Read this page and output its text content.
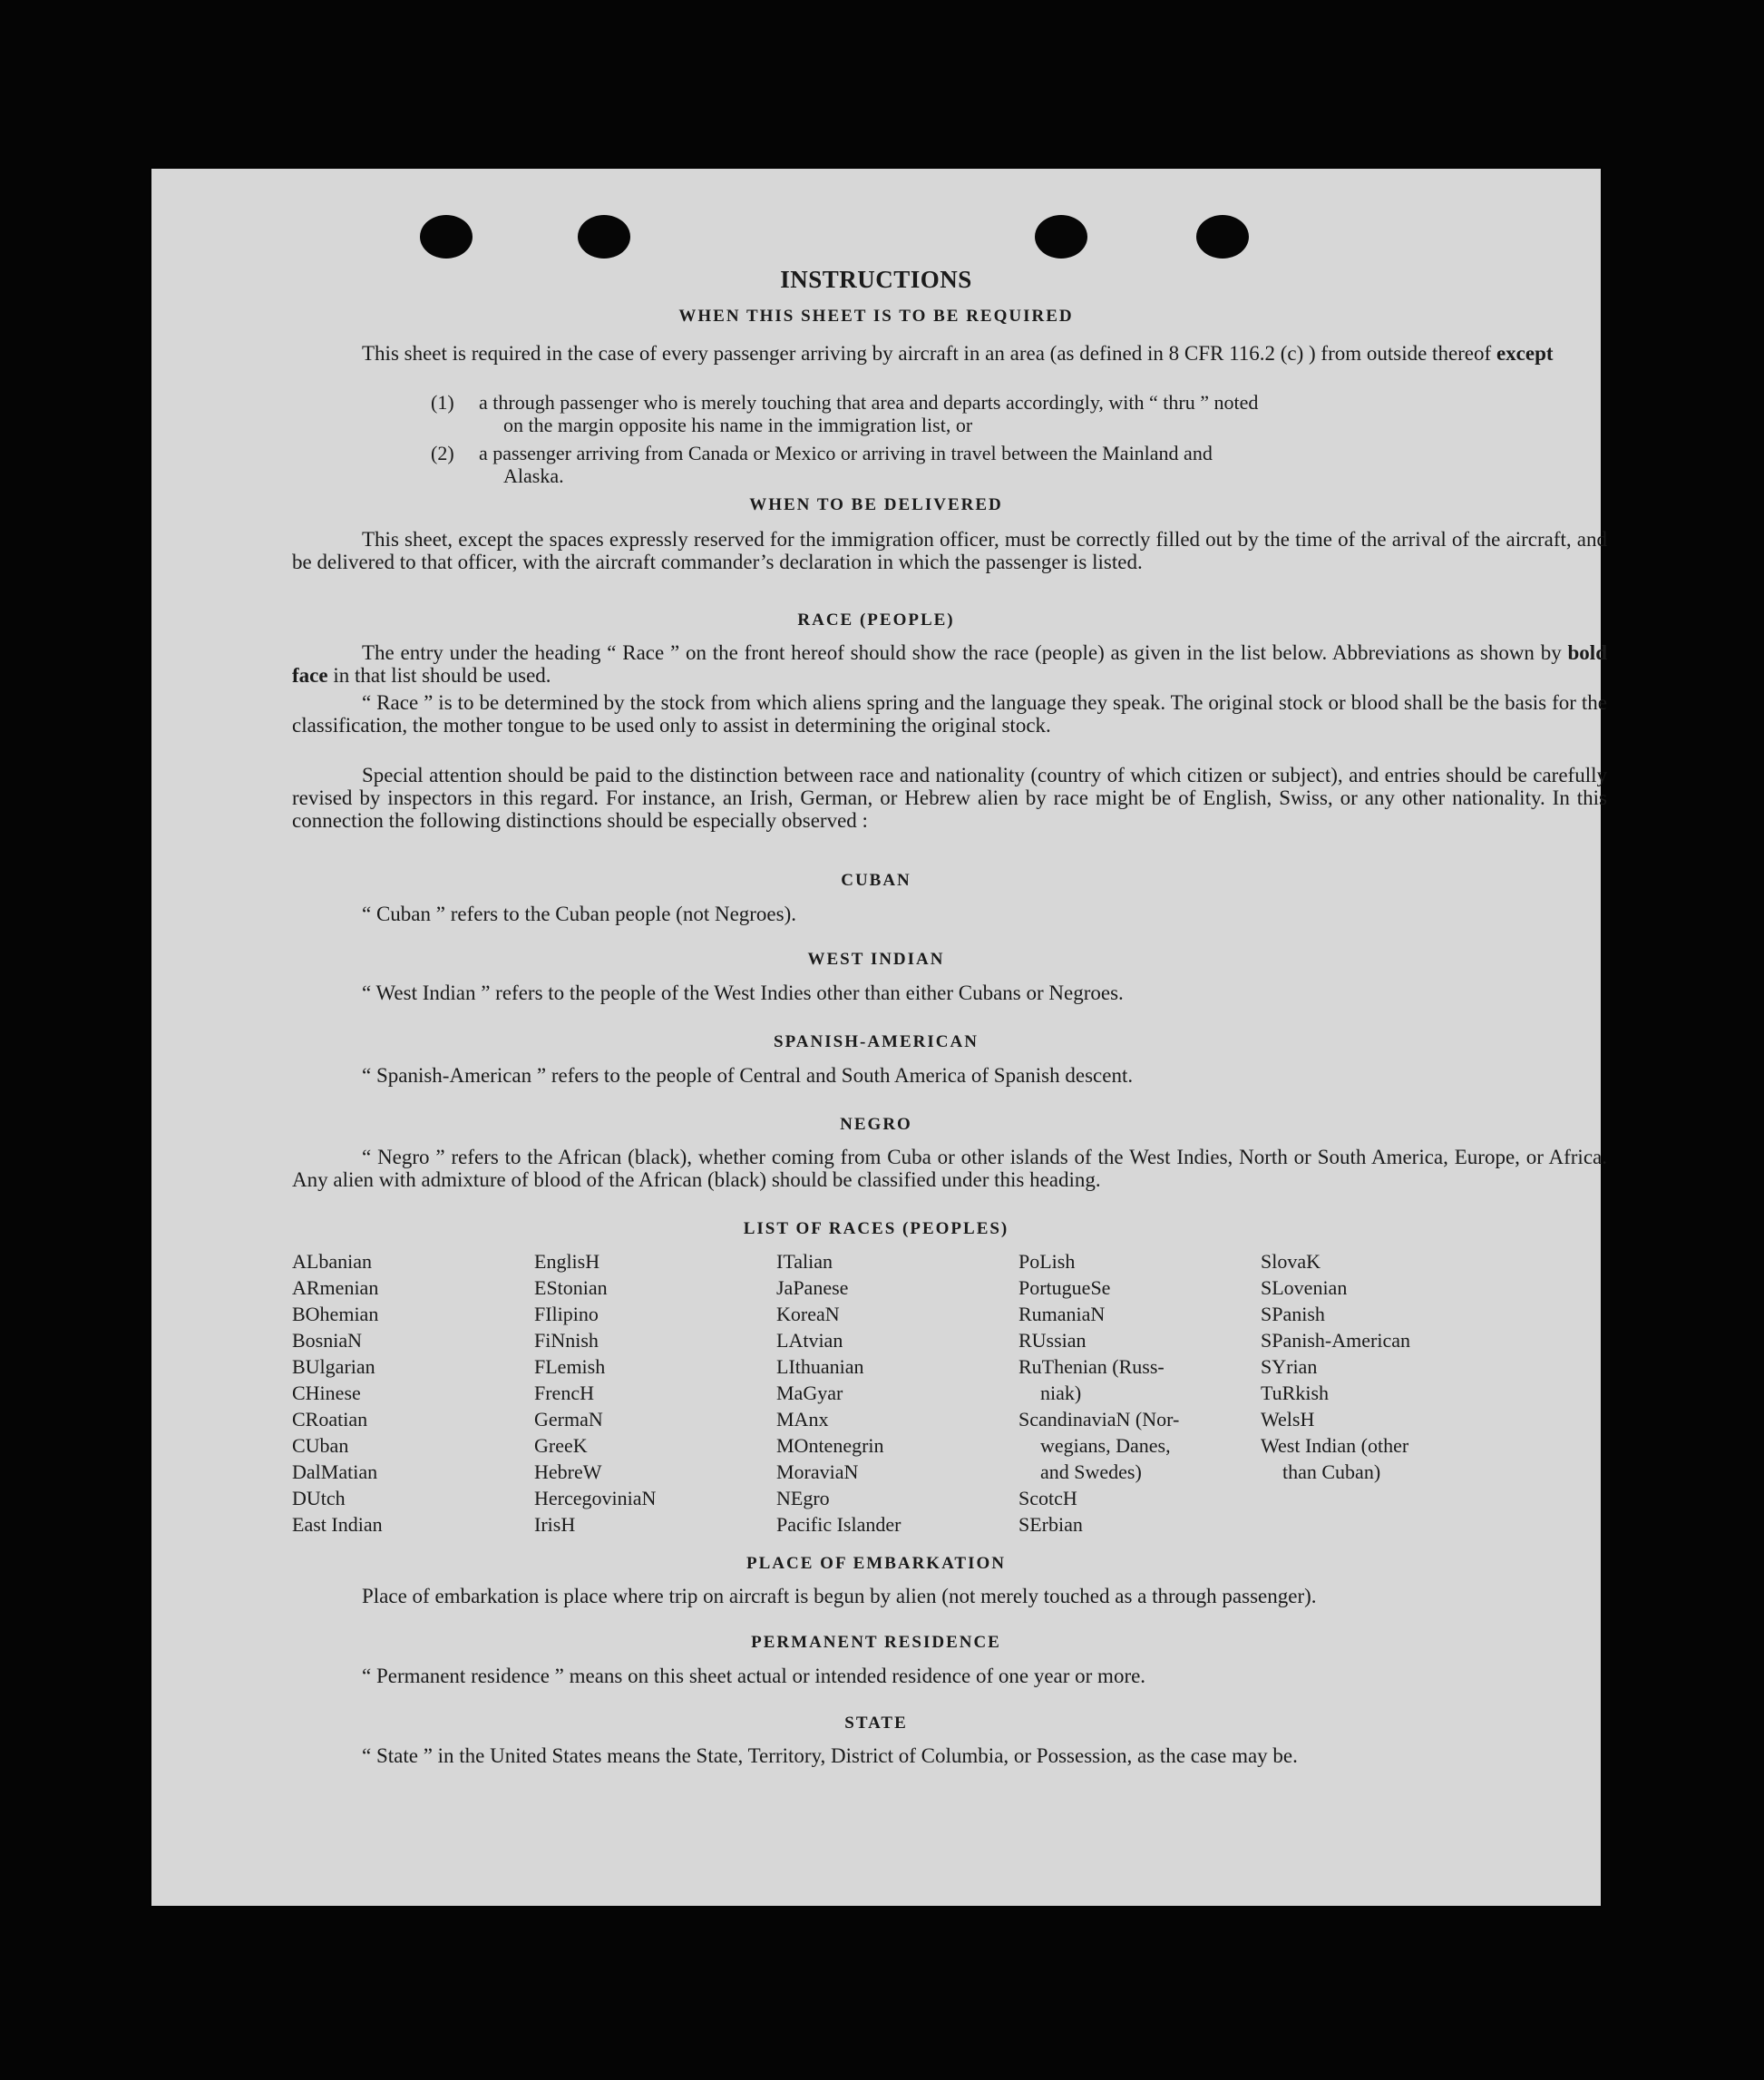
INSTRUCTIONS
WHEN THIS SHEET IS TO BE REQUIRED
This sheet is required in the case of every passenger arriving by aircraft in an area (as defined in 8 CFR 116.2 (c) ) from outside thereof except
(1) a through passenger who is merely touching that area and departs accordingly, with “ thru ” noted
on the margin opposite his name in the immigration list, or
(2) a passenger arriving from Canada or Mexico or arriving in travel between the Mainland and
Alaska.
WHEN TO BE DELIVERED
This sheet, except the spaces expressly reserved for the immigration officer, must be correctly filled out by the time of the arrival of the aircraft, and be delivered to that officer, with the aircraft commander’s declaration in which the passenger is listed.
RACE (PEOPLE)
The entry under the heading “ Race ” on the front hereof should show the race (people) as given in the list below. Abbreviations as shown by bold face in that list should be used.
“ Race ” is to be determined by the stock from which aliens spring and the language they speak. The original stock or blood shall be the basis for the classification, the mother tongue to be used only to assist in determining the original stock.
Special attention should be paid to the distinction between race and nationality (country of which citizen or subject), and entries should be carefully revised by inspectors in this regard. For instance, an Irish, German, or Hebrew alien by race might be of English, Swiss, or any other nationality. In this connection the following distinctions should be especially observed :
CUBAN
“ Cuban ” refers to the Cuban people (not Negroes).
WEST INDIAN
“ West Indian ” refers to the people of the West Indies other than either Cubans or Negroes.
SPANISH-AMERICAN
“ Spanish-American ” refers to the people of Central and South America of Spanish descent.
NEGRO
“ Negro ” refers to the African (black), whether coming from Cuba or other islands of the West Indies, North or South America, Europe, or Africa. Any alien with admixture of blood of the African (black) should be classified under this heading.
LIST OF RACES (PEOPLES)
ALbanian
ARmenian
BOhemian
BosniaN
BUlgarian
CHinese
CRoatian
CUban
DalMatian
DUtch
East Indian
EnglisH
EStonian
FIlipino
FiNnish
FLemish
FrencH
GermaN
GreeK
HebreW
HercegoviniaN
IrisH
ITalian
JaPanese
KoreaN
LAtvian
LIthuanian
MaGyar
MAnx
MOntenegrin
MoraviaN
NEgro
Pacific Islander
PoLish
PortugueSe
RumaniaN
RUssian
RuThenian (Russ-
niak)
ScandinaviaN (Nor-
wegians, Danes,
and Swedes)
ScotcH
SErbian
SlovaK
SLovenian
SPanish
SPanish-American
SYrian
TuRkish
WelsH
West Indian (other
than Cuban)
PLACE OF EMBARKATION
Place of embarkation is place where trip on aircraft is begun by alien (not merely touched as a through passenger).
PERMANENT RESIDENCE
“ Permanent residence ” means on this sheet actual or intended residence of one year or more.
STATE
“ State ” in the United States means the State, Territory, District of Columbia, or Possession, as the case may be.
